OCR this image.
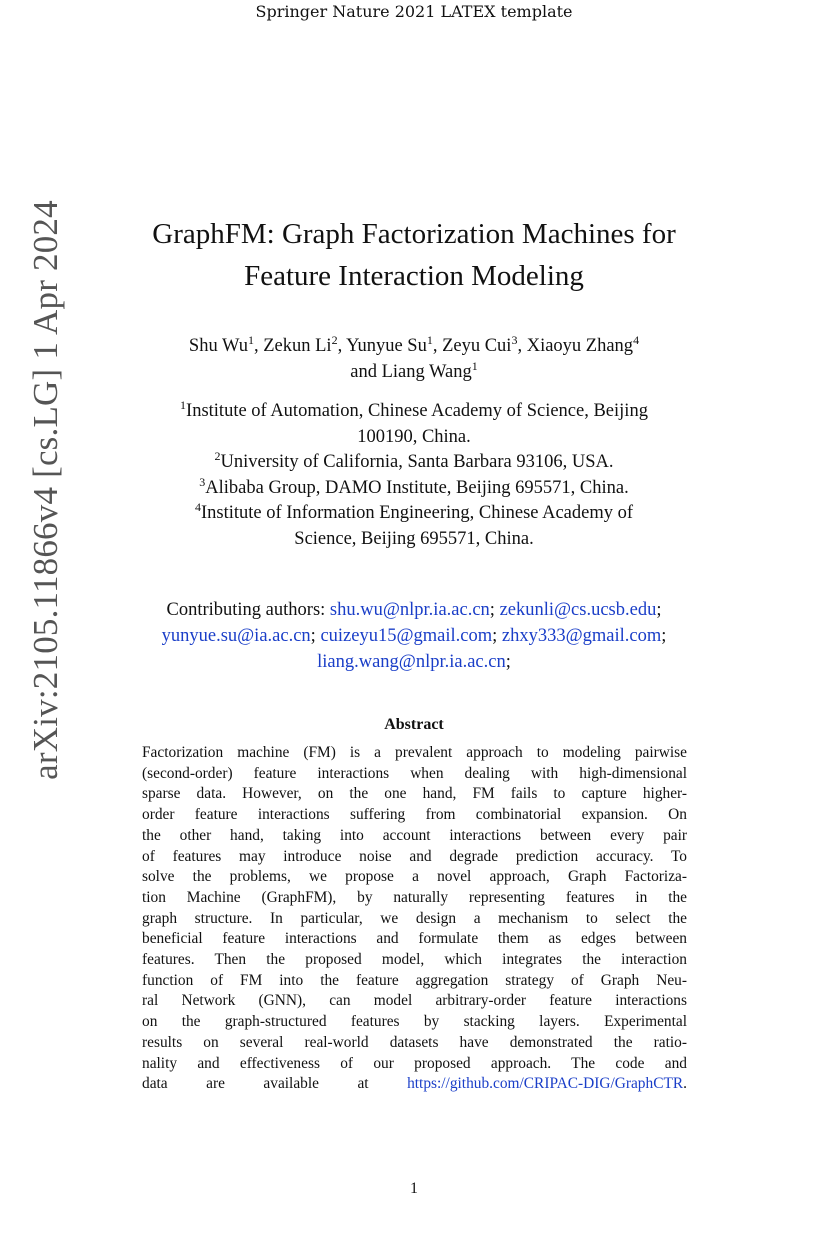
Springer Nature 2021 LATEX template
arXiv:2105.11866v4 [cs.LG] 1 Apr 2024	GraphFM: Graph Factorization Machines for
Feature Interaction Modeling
Shu Wu$^1$, Zekun Li$^2$, Yunyue Su$^1$, Zeyu Cui$^3$, Xiaoyu Zhang$^4$
and Liang Wang$^1$
$^1$Institute of Automation, Chinese Academy of Science, Beijing
100190, China.
$^2$University of California, Santa Barbara 93106, USA.
$^3$Alibaba Group, DAMO Institute, Beijing 695571, China.
$^4$Institute of Information Engineering, Chinese Academy of
Science, Beijing 695571, China.
Contributing authors: shu.wu@nlpr.ia.ac.cn; zekunli@cs.ucsb.edu;
yunyue.su@ia.ac.cn; cuizeyu15@gmail.com; zhxy333@gmail.com;
liang.wang@nlpr.ia.ac.cn;
Abstract
Factorization machine (FM) is a prevalent approach to modeling pairwise
(second-order) feature interactions when dealing with high-dimensional
sparse data. However, on the one hand, FM fails to capture higher-
order feature interactions suffering from combinatorial expansion. On
the other hand, taking into account interactions between every pair
of features may introduce noise and degrade prediction accuracy. To
solve the problems, we propose a novel approach, Graph Factoriza-
tion Machine (GraphFM), by naturally representing features in the
graph structure. In particular, we design a mechanism to select the
beneficial feature interactions and formulate them as edges between
features. Then the proposed model, which integrates the interaction
function of FM into the feature aggregation strategy of Graph Neu-
ral Network (GNN), can model arbitrary-order feature interactions
on the graph-structured features by stacking layers. Experimental
results on several real-world datasets have demonstrated the ratio-
nality and effectiveness of our proposed approach. The code and
data are available at	https://github.com/CRIPAC-DIG/GraphCTR.
1
